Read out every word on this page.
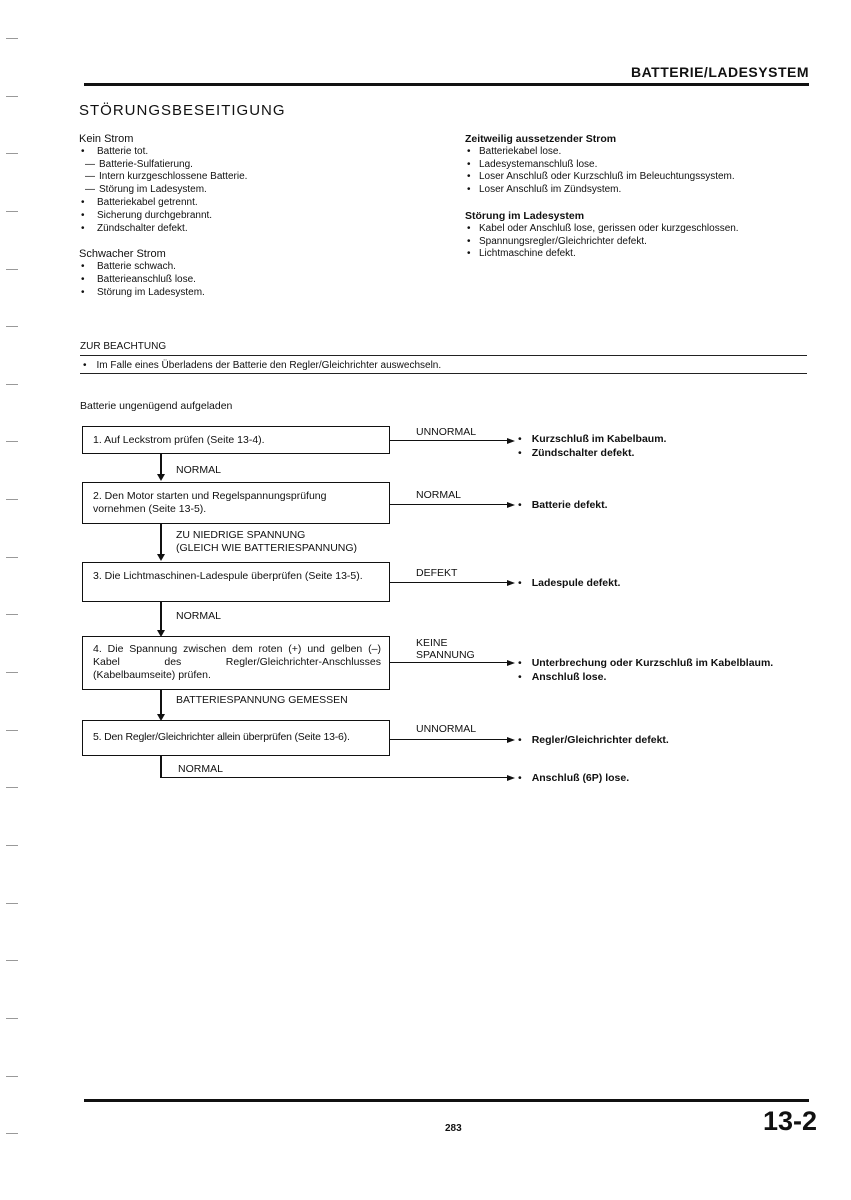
BATTERIE/LADESYSTEM
STÖRUNGSBESEITIGUNG
Kein Strom
• Batterie tot.
— Batterie-Sulfatierung.
— Intern kurzgeschlossene Batterie.
— Störung im Ladesystem.
• Batteriekabel getrennt.
• Sicherung durchgebrannt.
• Zündschalter defekt.
Schwacher Strom
• Batterie schwach.
• Batterieanschluß lose.
• Störung im Ladesystem.
Zeitweilig aussetzender Strom
• Batteriekabel lose.
• Ladesystemanschluß lose.
• Loser Anschluß oder Kurzschluß im Beleuchtungssystem.
• Loser Anschluß im Zündsystem.
Störung im Ladesystem
• Kabel oder Anschluß lose, gerissen oder kurzgeschlossen.
• Spannungsregler/Gleichrichter defekt.
• Lichtmaschine defekt.
ZUR BEACHTUNG
• Im Falle eines Überladens der Batterie den Regler/Gleichrichter auswechseln.
Batterie ungenügend aufgeladen
1. Auf Leckstrom prüfen (Seite 13-4).
UNNORMAL
• Kurzschluß im Kabelbaum.
• Zündschalter defekt.
NORMAL
2. Den Motor starten und Regelspannungsprüfung vornehmen (Seite 13-5).
NORMAL
• Batterie defekt.
ZU NIEDRIGE SPANNUNG
(GLEICH WIE BATTERIESPANNUNG)
3. Die Lichtmaschinen-Ladespule überprüfen (Seite 13-5).	DEFEKT
• Ladespule defekt.
NORMAL
4. Die Spannung zwischen dem roten (+) und gelben (–) Kabel des Regler/Gleichrichter-Anschlusses (Kabelbaumseite) prüfen.
KEINE SPANNUNG
• Unterbrechung oder Kurzschluß im Kabelblaum.
• Anschluß lose.
BATTERIESPANNUNG GEMESSEN
5. Den Regler/Gleichrichter allein überprüfen (Seite 13-6).
UNNORMAL
• Regler/Gleichrichter defekt.
NORMAL
• Anschluß (6P) lose.
283	13-2
